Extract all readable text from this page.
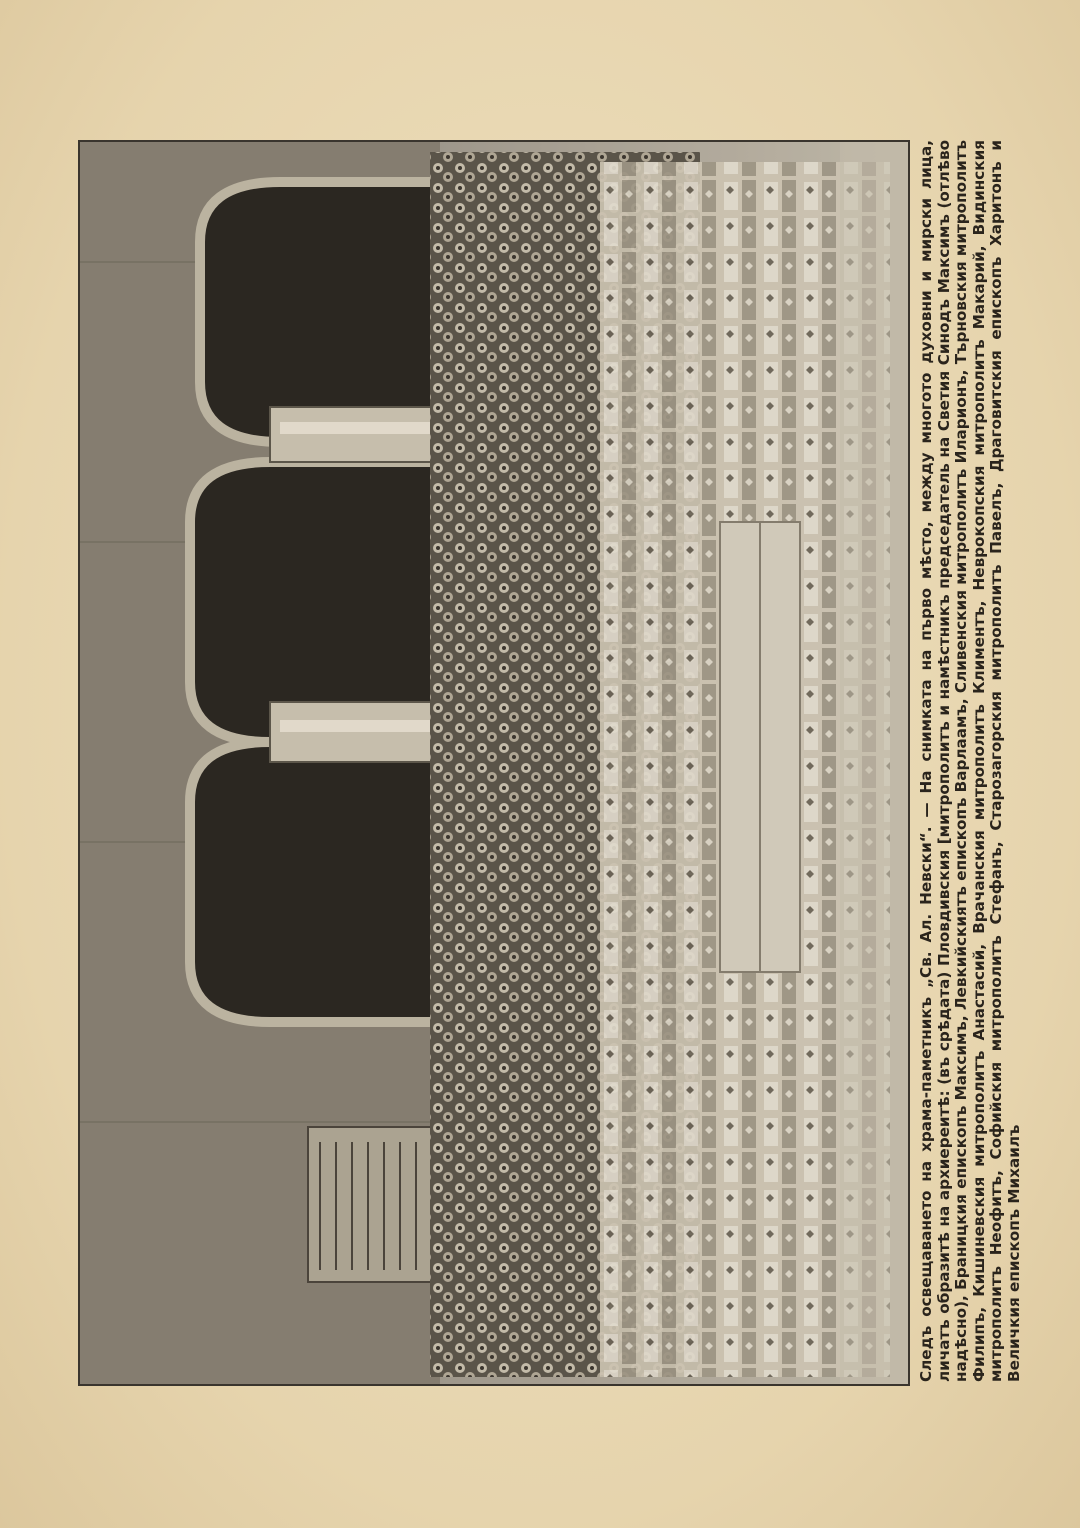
Следъ освещаването на храма-паметникъ „Св. Ал. Невски“. — На снимката на първо мѣсто, между многото духовни и мирски лица, личатъ образитѣ на архиереитѣ: (въ срѣдата) Пловдивския [митрополитъ и намѣстникъ председатель на Светия Синодъ Максимъ (отлѣво надѣсно), Браницкия епископъ Максимъ, Левкийскиятъ епископъ Варлаамъ, Сливенския митрополитъ Иларионъ, Търновския митрополитъ Филипъ, Кишиневския митрополитъ Анастасий, Врачанския митрополитъ Климентъ, Неврокопския митрополитъ Макарий, Видинския митрополитъ Неофитъ, Софийския митрополитъ Стефанъ, Старозагорския митрополитъ Павелъ, Драговитския епископъ Харитонъ и Величкия епископъ Михаилъ
